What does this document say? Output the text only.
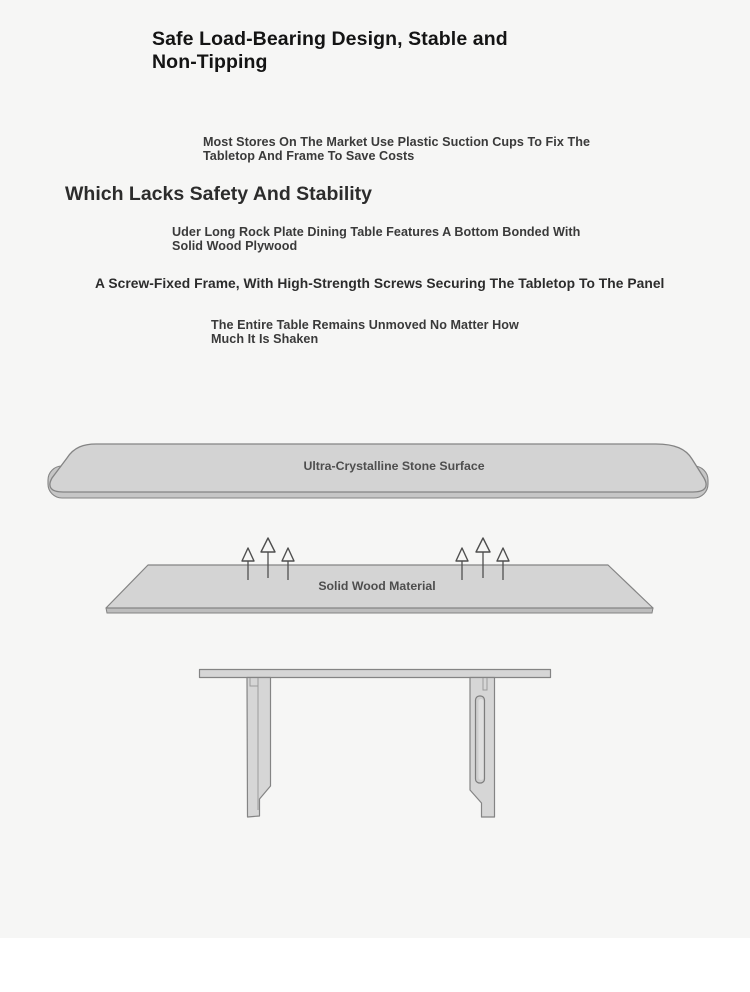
Safe Load-Bearing Design, Stable and
Non-Tipping

Most Stores On The Market Use Plastic Suction Cups To Fix The
Tabletop And Frame To Save Costs

Which Lacks Safety And Stability

Uder Long Rock Plate Dining Table Features A Bottom Bonded With
Solid Wood Plywood

A Screw-Fixed Frame, With High-Strength Screws Securing The Tabletop To The Panel

The Entire Table Remains Unmoved No Matter How
Much It Is Shaken

Ultra-Crystalline Stone Surface
Solid Wood Material
